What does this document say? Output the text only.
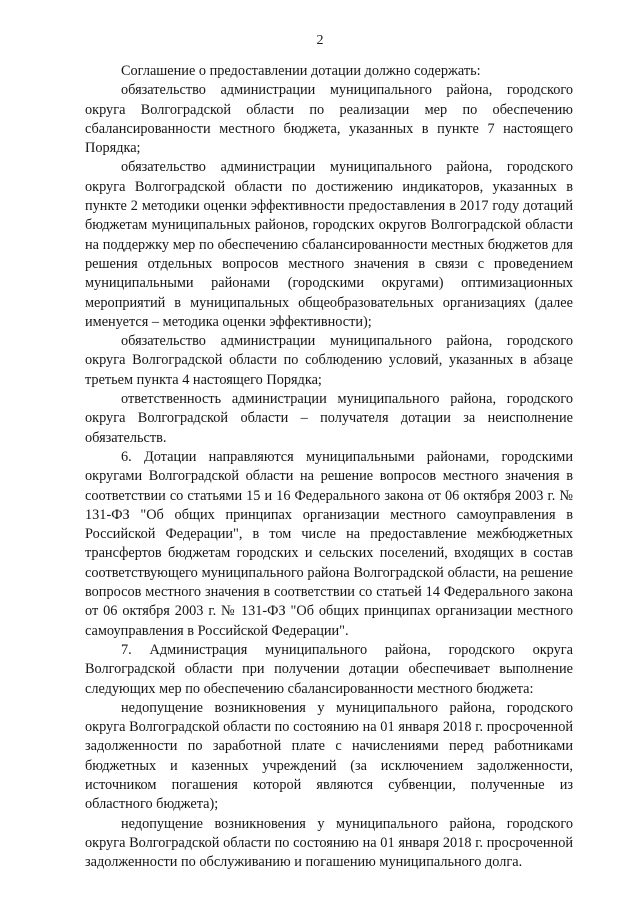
2

Соглашение о предоставлении дотации должно содержать:

обязательство администрации муниципального района, городского округа Волгоградской области по реализации мер по обеспечению сбалансированности местного бюджета, указанных в пункте 7 настоящего Порядка;

обязательство администрации муниципального района, городского округа Волгоградской области по достижению индикаторов, указанных в пункте 2 методики оценки эффективности предоставления в 2017 году дотаций бюджетам муниципальных районов, городских округов Волгоградской области на поддержку мер по обеспечению сбалансированности местных бюджетов для решения отдельных вопросов местного значения в связи с проведением муниципальными районами (городскими округами) оптимизационных мероприятий в муниципальных общеобразовательных организациях (далее именуется – методика оценки эффективности);

обязательство администрации муниципального района, городского округа Волгоградской области по соблюдению условий, указанных в абзаце третьем пункта 4 настоящего Порядка;

ответственность администрации муниципального района, городского округа Волгоградской области – получателя дотации за неисполнение обязательств.

6. Дотации направляются муниципальными районами, городскими округами Волгоградской области на решение вопросов местного значения в соответствии со статьями 15 и 16 Федерального закона от 06 октября 2003 г. № 131-ФЗ "Об общих принципах организации местного самоуправления в Российской Федерации", в том числе на предоставление межбюджетных трансфертов бюджетам городских и сельских поселений, входящих в состав соответствующего муниципального района Волгоградской области, на решение вопросов местного значения в соответствии со статьей 14 Федерального закона от 06 октября 2003 г. № 131-ФЗ "Об общих принципах организации местного самоуправления в Российской Федерации".

7. Администрация муниципального района, городского округа Волгоградской области при получении дотации обеспечивает выполнение следующих мер по обеспечению сбалансированности местного бюджета:

недопущение возникновения у муниципального района, городского округа Волгоградской области по состоянию на 01 января 2018 г. просроченной задолженности по заработной плате с начислениями перед работниками бюджетных и казенных учреждений (за исключением задолженности, источником погашения которой являются субвенции, полученные из областного бюджета);

недопущение возникновения у муниципального района, городского округа Волгоградской области по состоянию на 01 января 2018 г. просроченной задолженности по обслуживанию и погашению муниципального долга.
